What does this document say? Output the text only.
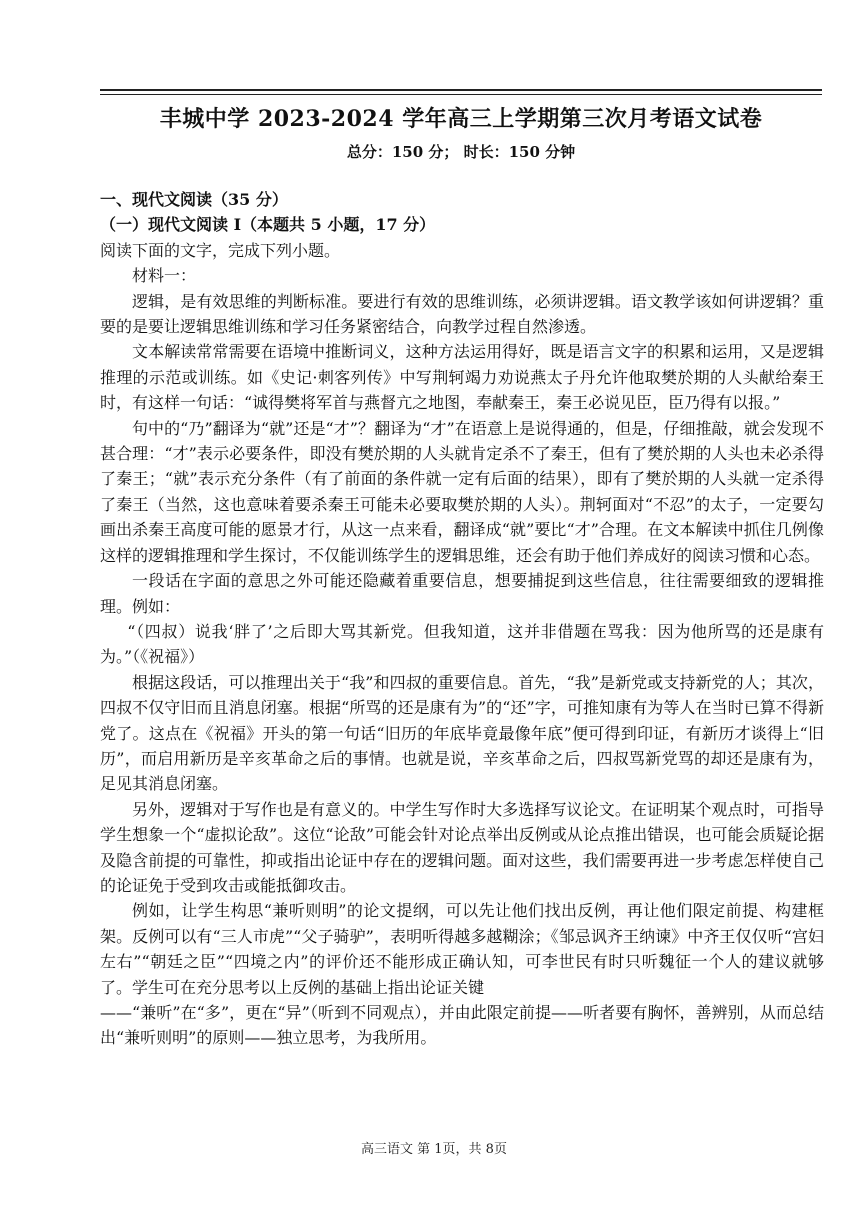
丰城中学 2023-2024 学年高三上学期第三次月考语文试卷
总分：150 分； 时长：150 分钟

一、现代文阅读（35 分）

（一）现代文阅读 I（本题共 5 小题，17 分）

阅读下面的文字，完成下列小题。

材料一：

逻辑，是有效思维的判断标准。要进行有效的思维训练，必须讲逻辑。语文教学该如何讲逻辑？重要的是要让逻辑思维训练和学习任务紧密结合，向教学过程自然渗透。

文本解读常常需要在语境中推断词义，这种方法运用得好，既是语言文字的积累和运用，又是逻辑推理的示范或训练。如《史记·刺客列传》中写荆轲竭力劝说燕太子丹允许他取樊於期的人头献给秦王时，有这样一句话：“诚得樊将军首与燕督亢之地图，奉献秦王，秦王必说见臣，臣乃得有以报。”

句中的“乃”翻译为“就”还是“才”？翻译为“才”在语意上是说得通的，但是，仔细推敲，就会发现不甚合理：“才”表示必要条件，即没有樊於期的人头就肯定杀不了秦王，但有了樊於期的人头也未必杀得了秦王；“就”表示充分条件（有了前面的条件就一定有后面的结果），即有了樊於期的人头就一定杀得了秦王（当然，这也意味着要杀秦王可能未必要取樊於期的人头）。荆轲面对“不忍”的太子，一定要勾画出杀秦王高度可能的愿景才行，从这一点来看，翻译成“就”要比“才”合理。在文本解读中抓住几例像这样的逻辑推理和学生探讨，不仅能训练学生的逻辑思维，还会有助于他们养成好的阅读习惯和心态。

一段话在字面的意思之外可能还隐藏着重要信息，想要捕捉到这些信息，往往需要细致的逻辑推理。例如：

“（四叔）说我‘胖了’之后即大骂其新党。但我知道，这并非借题在骂我：因为他所骂的还是康有为。”（《祝福》）

根据这段话，可以推理出关于“我”和四叔的重要信息。首先，“我”是新党或支持新党的人；其次，四叔不仅守旧而且消息闭塞。根据“所骂的还是康有为”的“还”字，可推知康有为等人在当时已算不得新党了。这点在《祝福》开头的第一句话“旧历的年底毕竟最像年底”便可得到印证，有新历才谈得上“旧历”，而启用新历是辛亥革命之后的事情。也就是说，辛亥革命之后，四叔骂新党骂的却还是康有为，足见其消息闭塞。

另外，逻辑对于写作也是有意义的。中学生写作时大多选择写议论文。在证明某个观点时，可指导学生想象一个“虚拟论敌”。这位“论敌”可能会针对论点举出反例或从论点推出错误，也可能会质疑论据及隐含前提的可靠性，抑或指出论证中存在的逻辑问题。面对这些，我们需要再进一步考虑怎样使自己的论证免于受到攻击或能抵御攻击。

例如，让学生构思“兼听则明”的论文提纲，可以先让他们找出反例，再让他们限定前提、构建框架。反例可以有“三人市虎”“父子骑驴”，表明听得越多越糊涂；《邹忌讽齐王纳谏》中齐王仅仅听“宫妇左右”“朝廷之臣”“四境之内”的评价还不能形成正确认知，可李世民有时只听魏征一个人的建议就够了。学生可在充分思考以上反例的基础上指出论证关键

——“兼听”在“多”，更在“异”（听到不同观点），并由此限定前提——听者要有胸怀，善辨别，从而总结出“兼听则明”的原则——独立思考，为我所用。

高三语文 第 1页，共 8页
